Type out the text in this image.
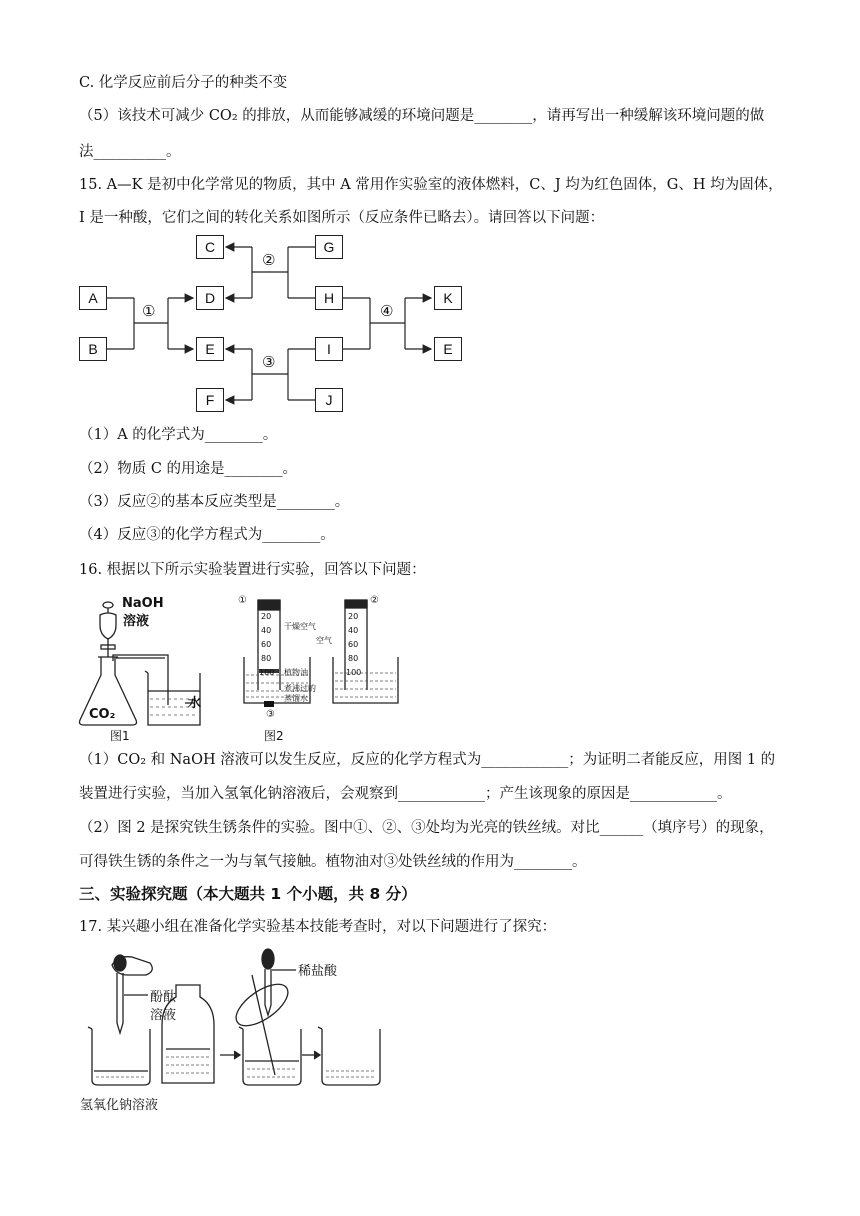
C. 化学反应前后分子的种类不变
（5）该技术可减少 CO₂ 的排放，从而能够减缓的环境问题是________，请再写出一种缓解该环境问题的做
法__________。
15. A—K 是初中化学常见的物质，其中 A 常用作实验室的液体燃料，C、J 均为红色固体，G、H 均为固体，
I 是一种酸，它们之间的转化关系如图所示（反应条件已略去）。请回答以下问题：
A
B
C
D
E
F
G
H
I
J
K
E
①
②
③
④
（1）A 的化学式为________。
（2）物质 C 的用途是________。
（3）反应②的基本反应类型是________。
（4）反应③的化学方程式为________。
16. 根据以下所示实验装置进行实验，回答以下问题：
NaOH
溶液
CO₂
水
图1
20
40
60
80
100
20
40
60
80
100
①	②
③
干燥空气
空气
植物油
煮沸过的
蒸馏水
图2
（1）CO₂ 和 NaOH 溶液可以发生反应，反应的化学方程式为____________；为证明二者能反应，用图 1 的
装置进行实验，当加入氢氧化钠溶液后，会观察到____________；产生该现象的原因是____________。
（2）图 2 是探究铁生锈条件的实验。图中①、②、③处均为光亮的铁丝绒。对比______（填序号）的现象，
可得铁生锈的条件之一为与氧气接触。植物油对③处铁丝绒的作用为________。
三、实验探究题（本大题共 1 个小题，共 8 分）
17. 某兴趣小组在准备化学实验基本技能考查时，对以下问题进行了探究：
酚酞
溶液
稀盐酸
氢氧化钠溶液
